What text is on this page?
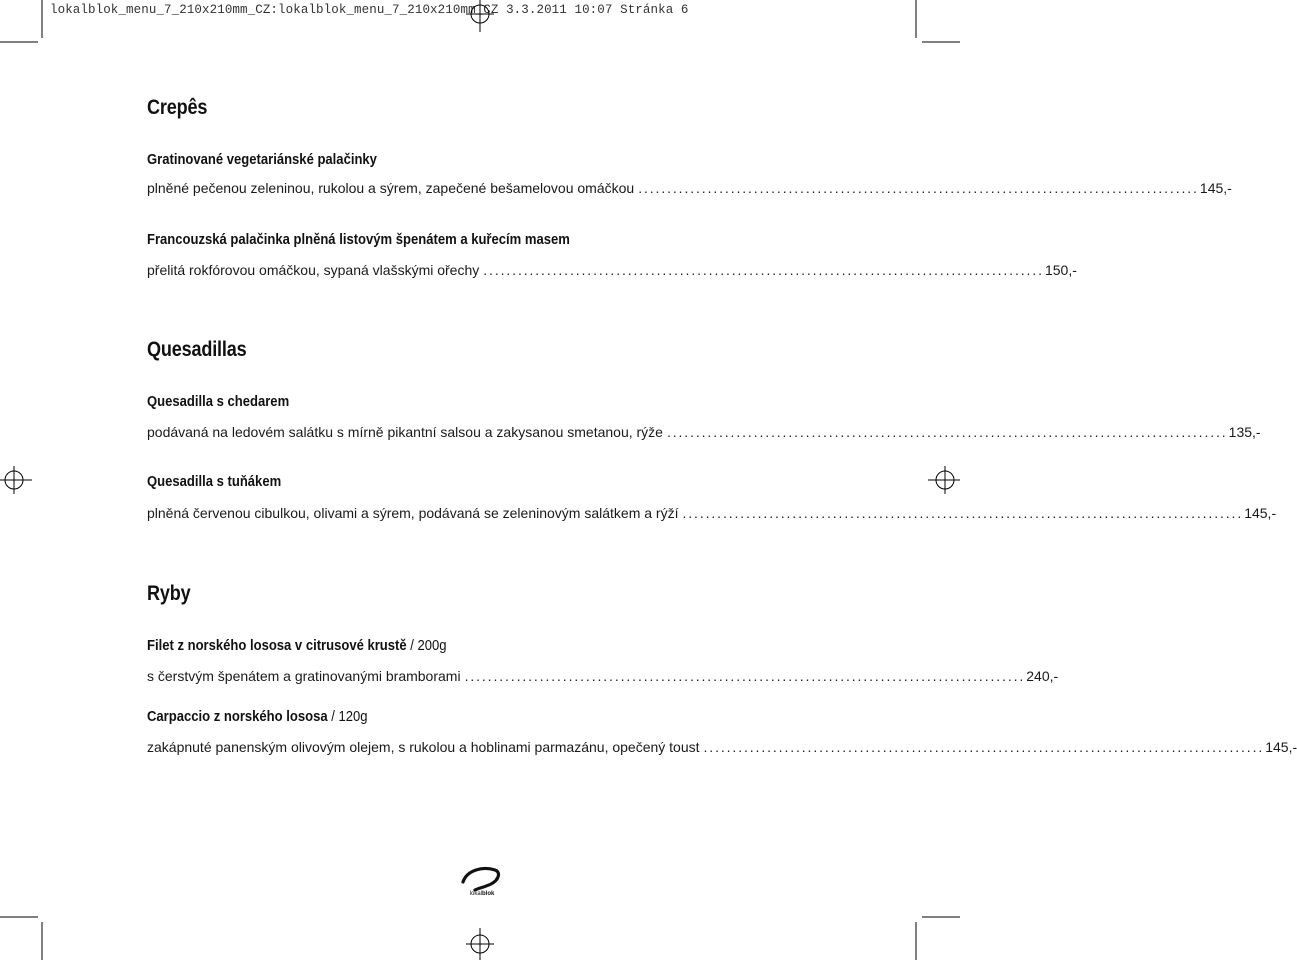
lokalblok_menu_7_210x210mm_CZ:lokalblok_menu_7_210x210mm_CZ 3.3.2011 10:07 Stránka 6
Crepês
Gratinované vegetariánské palačinky
plněné pečenou zeleninou, rukolou a sýrem, zapečené bešamelovou omáčkou . . .	145,-
Francouzská palačinka plněná listovým špenátem a kuřecím masem
přelitá rokfórovou omáčkou, sypaná vlašskými ořechy . . .	150,-
Quesadillas
Quesadilla s chedarem
podávaná na ledovém salátku s mírně pikantní salsou a zakysanou smetanou, rýže . . .	135,-
Quesadilla s tuňákem
plněná červenou cibulkou, olivami a sýrem, podávaná se zeleninovým salátkem a rýží . . .	145,-
Ryby
Filet z norského lososa v citrusové krustě / 200g
s čerstvým špenátem a gratinovanými bramborami . . .	240,-
Carpaccio z norského lososa / 120g
zakápnuté panenským olivovým olejem, s rukolou a hoblinami parmazánu, opečený toust . . .	145,-
®
lokalblok
